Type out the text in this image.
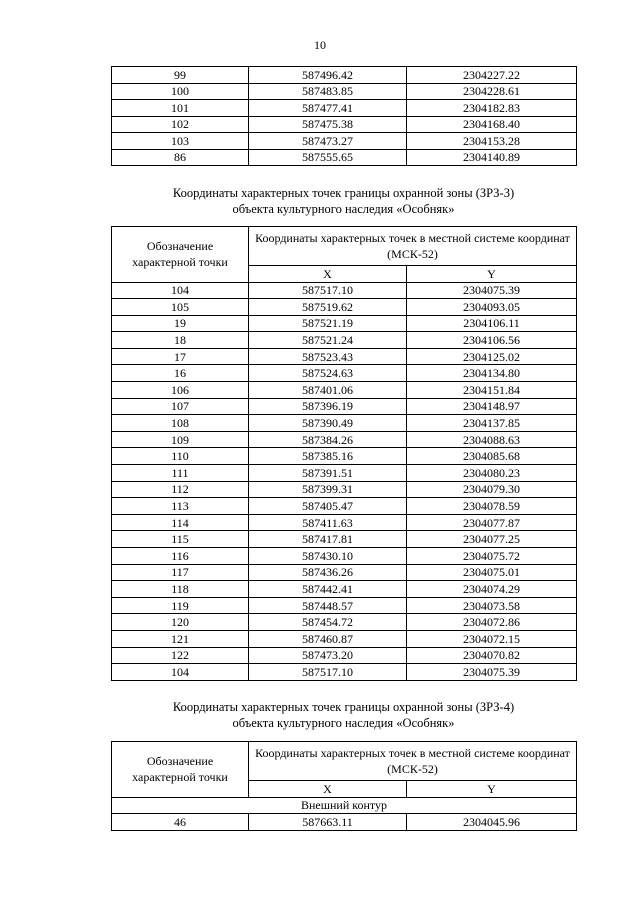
10
99	587496.42	2304227.22
100	587483.85	2304228.61
101	587477.41	2304182.83
102	587475.38	2304168.40
103	587473.27	2304153.28
86	587555.65	2304140.89
Координаты характерных точек границы охранной зоны (ЗРЗ-3)
объекта культурного наследия «Особняк»
Обозначение характерной точки	Координаты характерных точек в местной системе координат (МСК-52)	
	X	Y
104	587517.10	2304075.39
105	587519.62	2304093.05
19	587521.19	2304106.11
18	587521.24	2304106.56
17	587523.43	2304125.02
16	587524.63	2304134.80
106	587401.06	2304151.84
107	587396.19	2304148.97
108	587390.49	2304137.85
109	587384.26	2304088.63
110	587385.16	2304085.68
111	587391.51	2304080.23
112	587399.31	2304079.30
113	587405.47	2304078.59
114	587411.63	2304077.87
115	587417.81	2304077.25
116	587430.10	2304075.72
117	587436.26	2304075.01
118	587442.41	2304074.29
119	587448.57	2304073.58
120	587454.72	2304072.86
121	587460.87	2304072.15
122	587473.20	2304070.82
104	587517.10	2304075.39
Координаты характерных точек границы охранной зоны (ЗРЗ-4)
объекта культурного наследия «Особняк»
Обозначение характерной точки	Координаты характерных точек в местной системе координат (МСК-52)	
	X	Y
Внешний контур		
46	587663.11	2304045.96
